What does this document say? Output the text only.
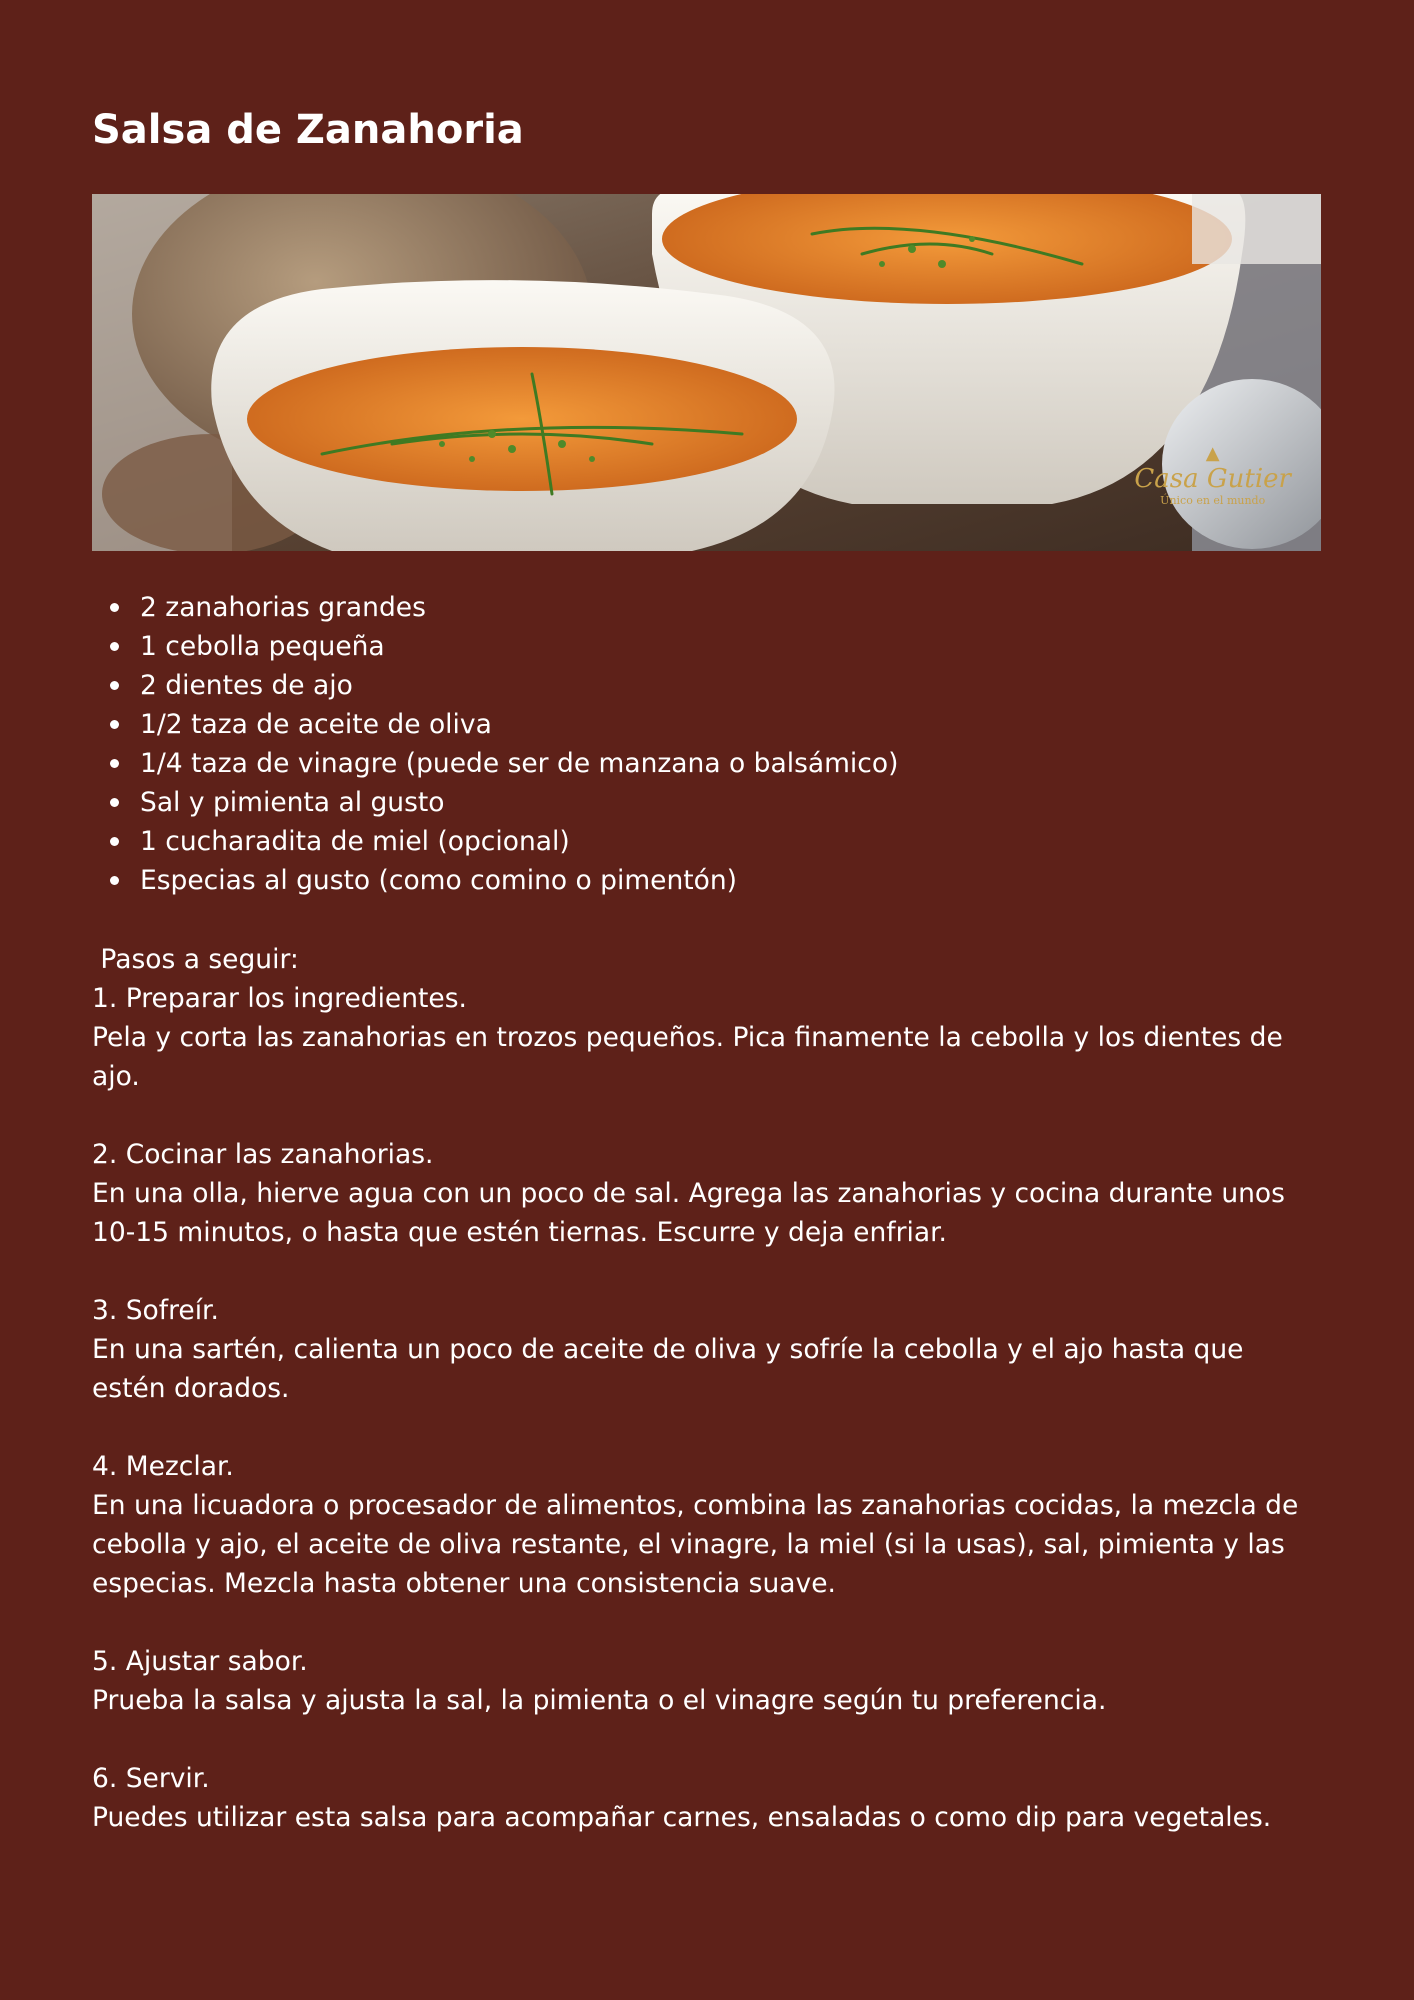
Salsa de Zanahoria
▲
Casa Gutier
Único en el mundo
2 zanahorias grandes
1 cebolla pequeña
2 dientes de ajo
1/2 taza de aceite de oliva
1/4 taza de vinagre (puede ser de manzana o balsámico)
Sal y pimienta al gusto
1 cucharadita de miel (opcional)
Especias al gusto (como comino o pimentón)
Pasos a seguir:

1. Preparar los ingredientes.

Pela y corta las zanahorias en trozos pequeños. Pica finamente la cebolla y los dientes de ajo.

2. Cocinar las zanahorias.

En una olla, hierve agua con un poco de sal. Agrega las zanahorias y cocina durante unos 10-15 minutos, o hasta que estén tiernas. Escurre y deja enfriar.

3. Sofreír.

En una sartén, calienta un poco de aceite de oliva y sofríe la cebolla y el ajo hasta que estén dorados.

4. Mezclar.

En una licuadora o procesador de alimentos, combina las zanahorias cocidas, la mezcla de cebolla y ajo, el aceite de oliva restante, el vinagre, la miel (si la usas), sal, pimienta y las especias. Mezcla hasta obtener una consistencia suave.

5. Ajustar sabor.

Prueba la salsa y ajusta la sal, la pimienta o el vinagre según tu preferencia.

6. Servir.

Puedes utilizar esta salsa para acompañar carnes, ensaladas o como dip para vegetales.
